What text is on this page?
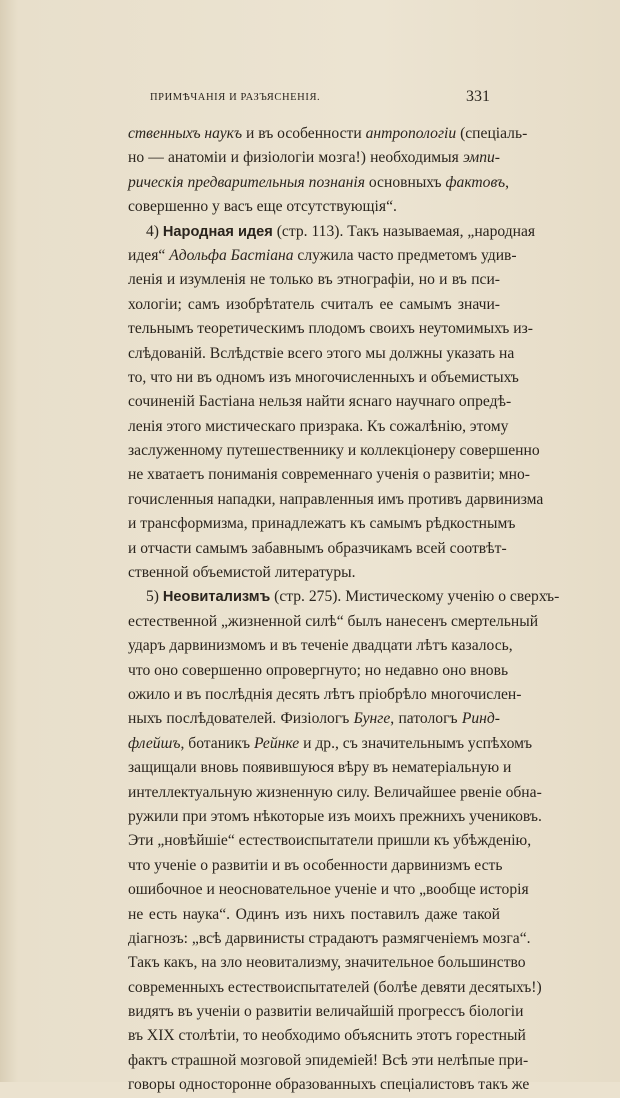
ПРИМѢЧАНІЯ И РАЗЪЯСНЕНІЯ.	331
ственныхъ наукъ и въ особенности антропологіи (спеціаль-
но — анатоміи и физіологіи мозга!) необходимыя эмпи-
рическія предварительныя познанія основныхъ фактовъ,
совершенно у васъ еще отсутствующія“.
4) Народная идея (стр. 113). Такъ называемая, „народная
идея“ Адольфа Бастіана служила часто предметомъ удив-
ленія и изумленія не только въ этнографіи, но и въ пси-
хологіи; самъ изобрѣтатель считалъ ее самымъ значи-
тельнымъ теоретическимъ плодомъ своихъ неутомимыхъ из-
слѣдованій. Вслѣдствіе всего этого мы должны указать на
то, что ни въ одномъ изъ многочисленныхъ и объемистыхъ
сочиненій Бастіана нельзя найти яснаго научнаго опредѣ-
ленія этого мистическаго призрака. Къ сожалѣнію, этому
заслуженному путешественнику и коллекціонеру совершенно
не хватаетъ пониманія современнаго ученія о развитіи; мно-
гочисленныя нападки, направленныя имъ противъ дарвинизма
и трансформизма, принадлежатъ къ самымъ рѣдкостнымъ
и отчасти самымъ забавнымъ образчикамъ всей соотвѣт-
ственной объемистой литературы.
5) Неовитализмъ (стр. 275). Мистическому ученію о сверхъ-
естественной „жизненной силѣ“ былъ нанесенъ смертельный
ударъ дарвинизмомъ и въ теченіе двадцати лѣтъ казалось,
что оно совершенно опровергнуто; но недавно оно вновь
ожило и въ послѣднія десять лѣтъ пріобрѣло многочислен-
ныхъ послѣдователей. Физіологъ Бунге, патологъ Ринд-
флейшъ, ботаникъ Рейнке и др., съ значительнымъ успѣхомъ
защищали вновь появившуюся вѣру въ нематеріальную и
интеллектуальную жизненную силу. Величайшее рвеніе обна-
ружили при этомъ нѣкоторые изъ моихъ прежнихъ учениковъ.
Эти „новѣйшіе“ естествоиспытатели пришли къ убѣжденію,
что ученіе о развитіи и въ особенности дарвинизмъ есть
ошибочное и неосновательное ученіе и что „вообще исторія
не есть наука“. Одинъ изъ нихъ поставилъ даже такой
діагнозъ: „всѣ дарвинисты страдаютъ размягченіемъ мозга“.
Такъ какъ, на зло неовитализму, значительное большинство
современныхъ естествоиспытателей (болѣе девяти десятыхъ!)
видятъ въ ученіи о развитіи величайшій прогрессъ біологіи
въ XIX столѣтіи, то необходимо объяснить этотъ горестный
фактъ страшной мозговой эпидеміей! Всѣ эти нелѣпые при-
говоры односторонне образованныхъ спеціалистовъ такъ же
